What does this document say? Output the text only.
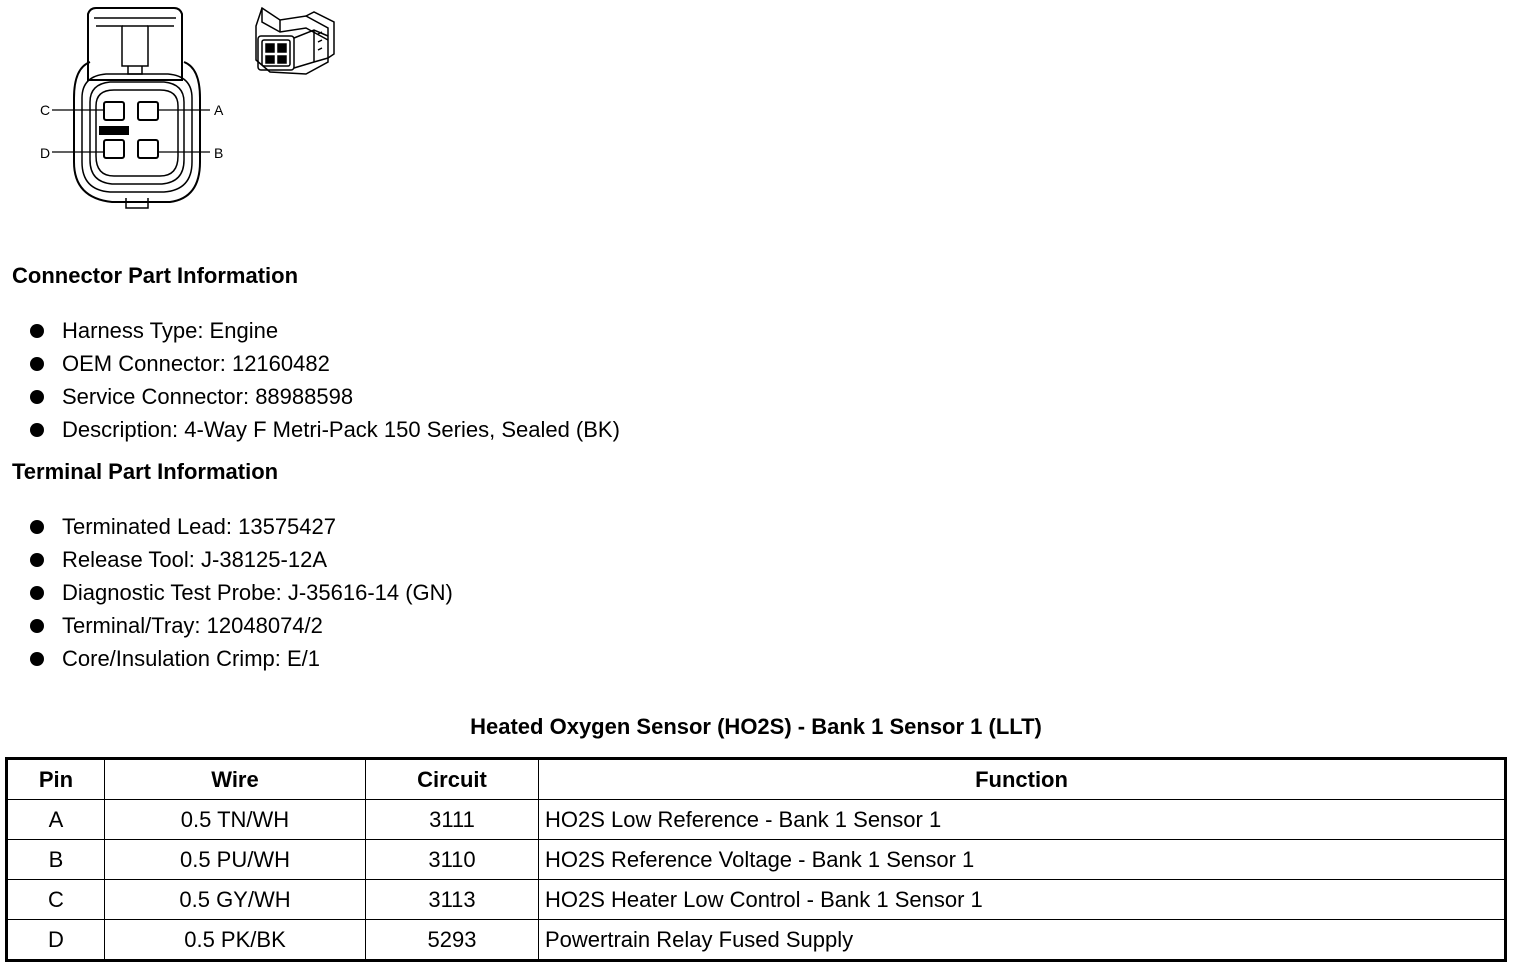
C
D
A
B
Connector Part Information
Harness Type: Engine
OEM Connector: 12160482
Service Connector: 88988598
Description: 4-Way F Metri-Pack 150 Series, Sealed (BK)
Terminal Part Information
Terminated Lead: 13575427
Release Tool: J-38125-12A
Diagnostic Test Probe: J-35616-14 (GN)
Terminal/Tray: 12048074/2
Core/Insulation Crimp: E/1
Heated Oxygen Sensor (HO2S) - Bank 1 Sensor 1 (LLT)
Pin	Wire	Circuit	Function
A	0.5 TN/WH	3111	HO2S Low Reference - Bank 1 Sensor 1
B	0.5 PU/WH	3110	HO2S Reference Voltage - Bank 1 Sensor 1
C	0.5 GY/WH	3113	HO2S Heater Low Control - Bank 1 Sensor 1
D	0.5 PK/BK	5293	Powertrain Relay Fused Supply
